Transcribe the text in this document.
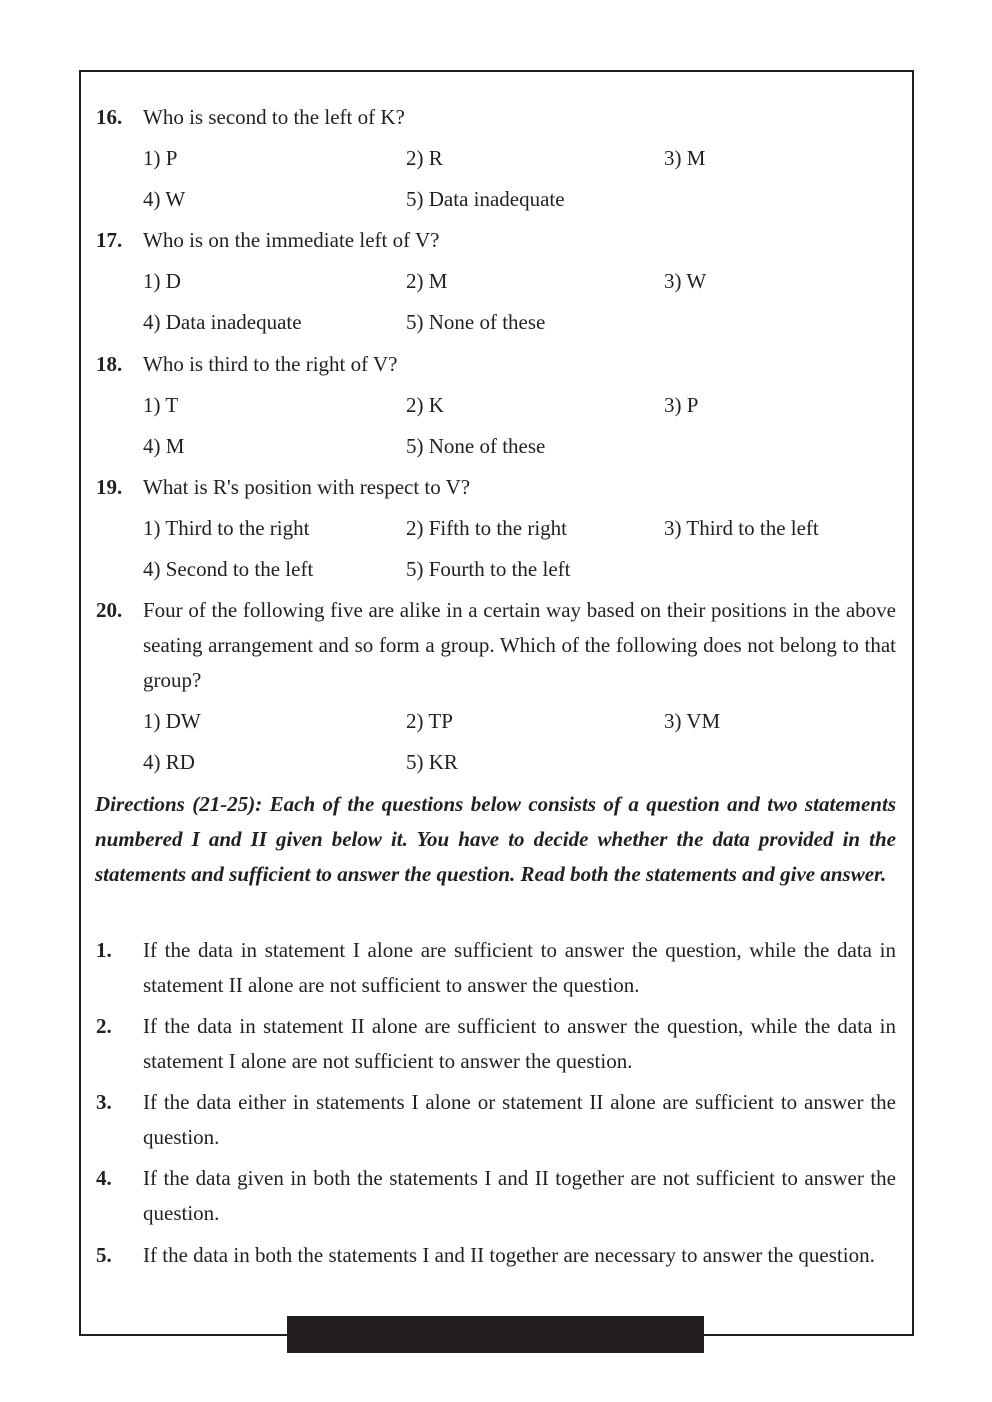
16. Who is second to the left of K?
1) P	2) R	3) M
4) W	5) Data inadequate
17. Who is on the immediate left of V?
1) D	2) M	3) W
4) Data inadequate	5) None of these
18. Who is third to the right of V?
1) T	2) K	3) P
4) M	5) None of these
19. What is R's position with respect to V?
1) Third to the right	2) Fifth to the right	3) Third to the left
4) Second to the left	5) Fourth to the left
20. Four of the following five are alike in a certain way based on their positions in the above seating arrangement and so form a group. Which of the following does not belong to that group?
1) DW	2) TP	3) VM
4) RD	5) KR
Directions (21-25): Each of the questions below consists of a question and two statements numbered I and II given below it. You have to decide whether the data provided in the statements and sufficient to answer the question. Read both the statements and give answer.
1. If the data in statement I alone are sufficient to answer the question, while the data in statement II alone are not sufficient to answer the question.
2. If the data in statement II alone are sufficient to answer the question, while the data in statement I alone are not sufficient to answer the question.
3. If the data either in statements I alone or statement II alone are sufficient to answer the question.
4. If the data given in both the statements I and II together are not sufficient to answer the question.
5. If the data in both the statements I and II together are necessary to answer the question.
